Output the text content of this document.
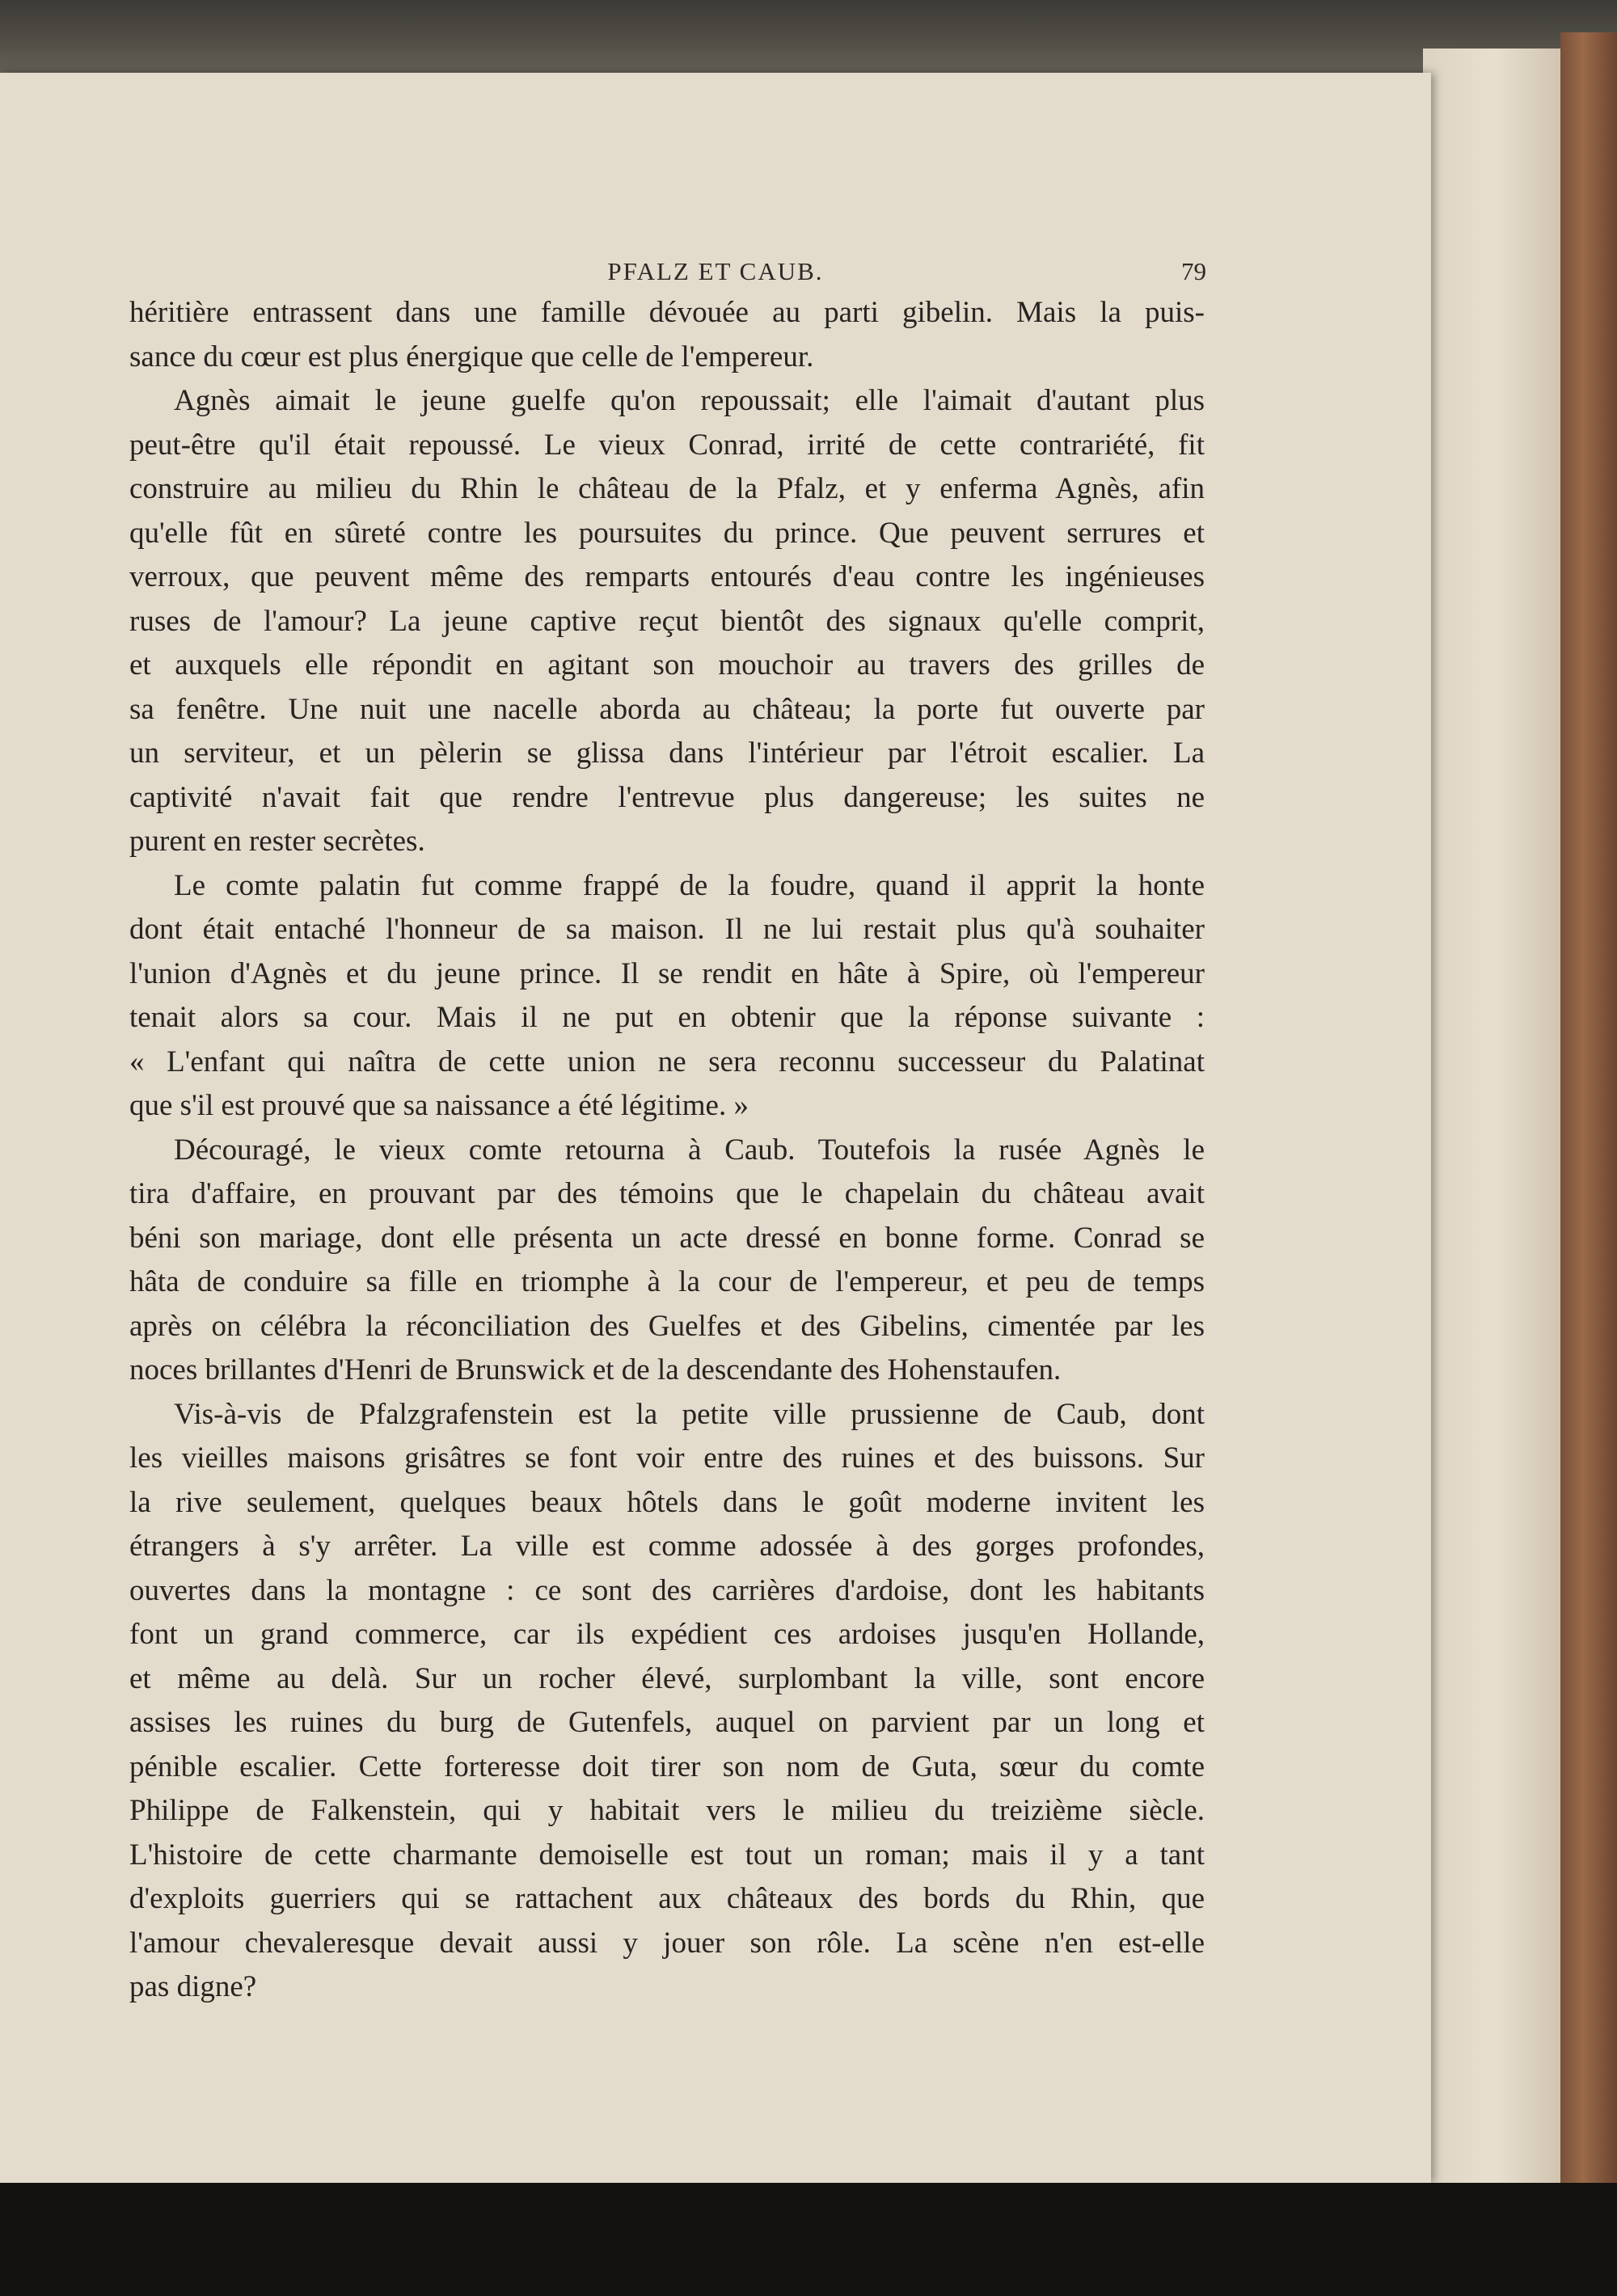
PFALZ ET CAUB.	79
héritière entrassent dans une famille dévouée au parti gibelin. Mais la puis-
sance du cœur est plus énergique que celle de l'empereur.
Agnès aimait le jeune guelfe qu'on repoussait; elle l'aimait d'autant plus
peut-être qu'il était repoussé. Le vieux Conrad, irrité de cette contrariété, fit
construire au milieu du Rhin le château de la Pfalz, et y enferma Agnès, afin
qu'elle fût en sûreté contre les poursuites du prince. Que peuvent serrures et
verroux, que peuvent même des remparts entourés d'eau contre les ingénieuses
ruses de l'amour? La jeune captive reçut bientôt des signaux qu'elle comprit,
et auxquels elle répondit en agitant son mouchoir au travers des grilles de
sa fenêtre. Une nuit une nacelle aborda au château; la porte fut ouverte par
un serviteur, et un pèlerin se glissa dans l'intérieur par l'étroit escalier. La
captivité n'avait fait que rendre l'entrevue plus dangereuse; les suites ne
purent en rester secrètes.
Le comte palatin fut comme frappé de la foudre, quand il apprit la honte
dont était entaché l'honneur de sa maison. Il ne lui restait plus qu'à souhaiter
l'union d'Agnès et du jeune prince. Il se rendit en hâte à Spire, où l'empereur
tenait alors sa cour. Mais il ne put en obtenir que la réponse suivante :
« L'enfant qui naîtra de cette union ne sera reconnu successeur du Palatinat
que s'il est prouvé que sa naissance a été légitime. »
Découragé, le vieux comte retourna à Caub. Toutefois la rusée Agnès le
tira d'affaire, en prouvant par des témoins que le chapelain du château avait
béni son mariage, dont elle présenta un acte dressé en bonne forme. Conrad se
hâta de conduire sa fille en triomphe à la cour de l'empereur, et peu de temps
après on célébra la réconciliation des Guelfes et des Gibelins, cimentée par les
noces brillantes d'Henri de Brunswick et de la descendante des Hohenstaufen.
Vis-à-vis de Pfalzgrafenstein est la petite ville prussienne de Caub, dont
les vieilles maisons grisâtres se font voir entre des ruines et des buissons. Sur
la rive seulement, quelques beaux hôtels dans le goût moderne invitent les
étrangers à s'y arrêter. La ville est comme adossée à des gorges profondes,
ouvertes dans la montagne : ce sont des carrières d'ardoise, dont les habitants
font un grand commerce, car ils expédient ces ardoises jusqu'en Hollande,
et même au delà. Sur un rocher élevé, surplombant la ville, sont encore
assises les ruines du burg de Gutenfels, auquel on parvient par un long et
pénible escalier. Cette forteresse doit tirer son nom de Guta, sœur du comte
Philippe de Falkenstein, qui y habitait vers le milieu du treizième siècle.
L'histoire de cette charmante demoiselle est tout un roman; mais il y a tant
d'exploits guerriers qui se rattachent aux châteaux des bords du Rhin, que
l'amour chevaleresque devait aussi y jouer son rôle. La scène n'en est-elle
pas digne?
